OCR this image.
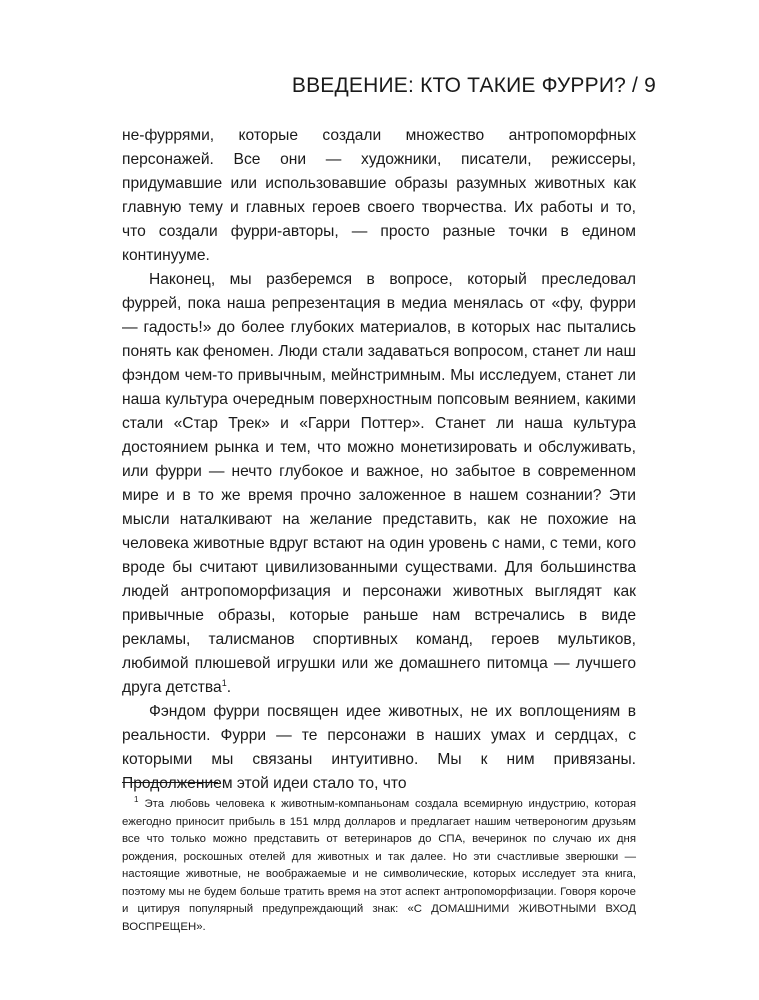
ВВЕДЕНИЕ: КТО ТАКИЕ ФУРРИ? / 9

не-фуррями, которые создали множество антропоморфных персонажей. Все они — художники, писатели, режиссеры, придумавшие или использовавшие образы разумных животных как главную тему и главных героев своего творчества. Их работы и то, что создали фурри-авторы, — просто разные точки в едином континууме.

Наконец, мы разберемся в вопросе, который преследовал фуррей, пока наша репрезентация в медиа менялась от «фу, фурри — гадость!» до более глубоких материалов, в которых нас пытались понять как феномен. Люди стали задаваться вопросом, станет ли наш фэндом чем-то привычным, мейнстримным. Мы исследуем, станет ли наша культура очередным поверхностным попсовым веянием, какими стали «Стар Трек» и «Гарри Поттер». Станет ли наша культура достоянием рынка и тем, что можно монетизировать и обслуживать, или фурри — нечто глубокое и важное, но забытое в современном мире и в то же время прочно заложенное в нашем сознании? Эти мысли наталкивают на желание представить, как не похожие на человека животные вдруг встают на один уровень с нами, с теми, кого вроде бы считают цивилизованными существами. Для большинства людей антропоморфизация и персонажи животных выглядят как привычные образы, которые раньше нам встречались в виде рекламы, талисманов спортивных команд, героев мультиков, любимой плюшевой игрушки или же домашнего питомца — лучшего друга детства$^1$.

Фэндом фурри посвящен идее животных, не их воплощениям в реальности. Фурри — те персонажи в наших умах и сердцах, с которыми мы связаны интуитивно. Мы к ним привязаны. Продолжением этой идеи стало то, что

$^1$ Эта любовь человека к животным-компаньонам создала всемирную индустрию, которая ежегодно приносит прибыль в 151 млрд долларов и предлагает нашим четвероногим друзьям все что только можно представить от ветеринаров до СПА, вечеринок по случаю их дня рождения, роскошных отелей для животных и так далее. Но эти счастливые зверюшки — настоящие животные, не воображаемые и не символические, которых исследует эта книга, поэтому мы не будем больше тратить время на этот аспект антропоморфизации. Говоря короче и цитируя популярный предупреждающий знак: «С ДОМАШНИМИ ЖИВОТНЫМИ ВХОД ВОСПРЕЩЕН».
